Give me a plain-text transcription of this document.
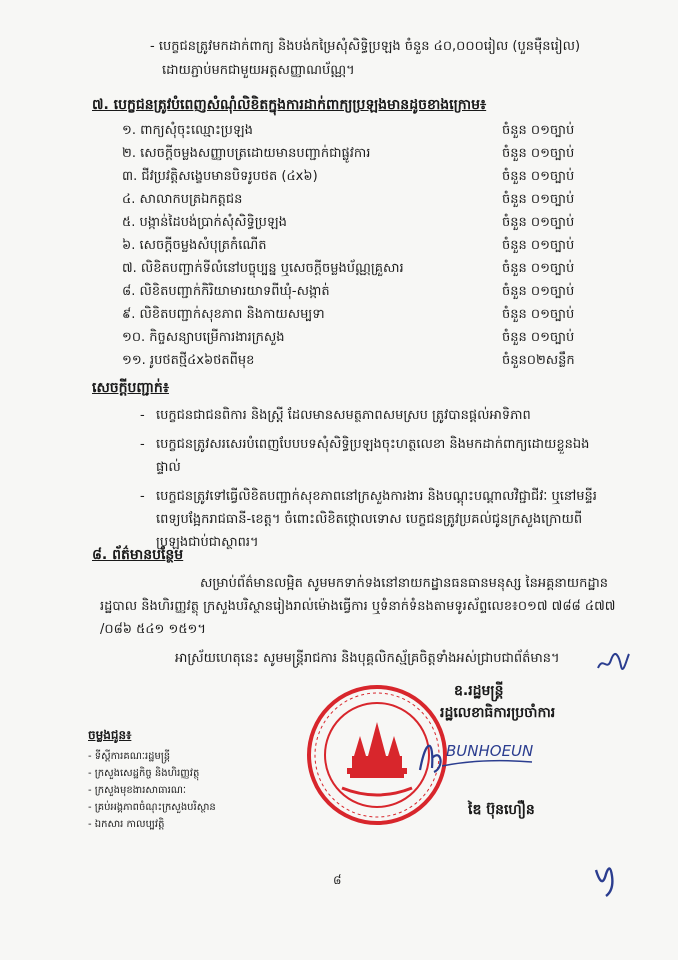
- បេក្ខជនត្រូវមកដាក់ពាក្យ និងបង់កម្រៃសុំសិទ្ធិប្រឡង ចំនួន ៤០,០០០រៀល (បួនម៉ឺនរៀល)
ដោយភ្ជាប់មកជាមួយអត្តសញ្ញាណប័ណ្ណ។
៧. បេក្ខជនត្រូវបំពេញសំណុំលិខិតក្នុងការដាក់ពាក្យប្រឡងមានដូចខាងក្រោម៖
១. ពាក្យសុំចុះឈ្មោះប្រឡង	ចំនួន ០១ច្បាប់
២. សេចក្តីចម្លងសញ្ញាបត្រដោយមានបញ្ជាក់ជាផ្លូវការ	ចំនួន ០១ច្បាប់
៣. ជីវប្រវត្តិសង្ខេបមានបិទរូបថត (៤x៦)	ចំនួន ០១ច្បាប់
៤. សាលាកបត្រឯកត្តជន	ចំនួន ០១ច្បាប់
៥. បង្កាន់ដៃបង់ប្រាក់សុំសិទ្ធិប្រឡង	ចំនួន ០១ច្បាប់
៦. សេចក្តីចម្លងសំបុត្រកំណើត	ចំនួន ០១ច្បាប់
៧. លិខិតបញ្ជាក់ទីលំនៅបច្ចុប្បន្ន ឬសេចក្តីចម្លងប័ណ្ណគ្រួសារ	ចំនួន ០១ច្បាប់
៨. លិខិតបញ្ជាក់កិរិយាមារយាទពីឃុំ-សង្កាត់	ចំនួន ០១ច្បាប់
៩. លិខិតបញ្ជាក់សុខភាព និងកាយសម្បទា	ចំនួន ០១ច្បាប់
១០. កិច្ចសន្យាបម្រើការងារក្រសួង	ចំនួន ០១ច្បាប់
១១. រូបថតថ្មី៤x៦ថតពីមុខ	ចំនួន០២សន្លឹក
សេចក្តីបញ្ជាក់៖
- បេក្ខជនជាជនពិការ និងស្ត្រី ដែលមានសមត្ថភាពសមស្រប ត្រូវបានផ្តល់អាទិភាព
- បេក្ខជនត្រូវសរសេរបំពេញបែបបទសុំសិទ្ធិប្រឡងចុះហត្ថលេខា និងមកដាក់ពាក្យដោយខ្លួនឯងផ្ទាល់
- បេក្ខជនត្រូវទៅធ្វើលិខិតបញ្ជាក់សុខភាពនៅក្រសួងការងារ និងបណ្តុះបណ្តាលវិជ្ជាជីវៈ ឬនៅមន្ទីរពេទ្យបង្អែករាជធានី-ខេត្ត។ ចំពោះលិខិតថ្កោលទោស បេក្ខជនត្រូវប្រគល់ជូនក្រសួងក្រោយពីប្រឡងជាប់ជាស្ថាពរ។
៨. ព័ត៌មានបន្ថែម

សម្រាប់ព័ត៌មានលម្អិត សូមមកទាក់ទងនៅនាយកដ្ឋានធនធានមនុស្ស នៃអគ្គនាយកដ្ឋានរដ្ឋបាល និងហិរញ្ញវត្ថុ ក្រសួងបរិស្ថានរៀងរាល់ម៉ោងធ្វើការ ឬទំនាក់ទំនងតាមទូរស័ព្ទលេខ៖០១៧ ៧៨៨ ៤៧៧ /០៨៦ ៥៤១ ១៥១។

អាស្រ័យហេតុនេះ សូមមន្ត្រីរាជការ និងបុគ្គលិកស្ម័គ្រចិត្តទាំងអស់ជ្រាបជាព័ត៌មាន។
ឧ.រដ្ឋមន្ត្រី
រដ្ឋលេខាធិការប្រចាំការ
BUNHOEUN
ឌៃ ប៊ុនហឿន
ចម្លងជូន៖
- ទីស្តីការគណៈរដ្ឋមន្ត្រី
- ក្រសួងសេដ្ឋកិច្ច និងហិរញ្ញវត្ថុ
- ក្រសួងមុខងារសាធារណៈ
- គ្រប់អង្គភាពចំណុះក្រសួងបរិស្ថាន
- ឯកសារ កាលប្បវត្តិ
៨
